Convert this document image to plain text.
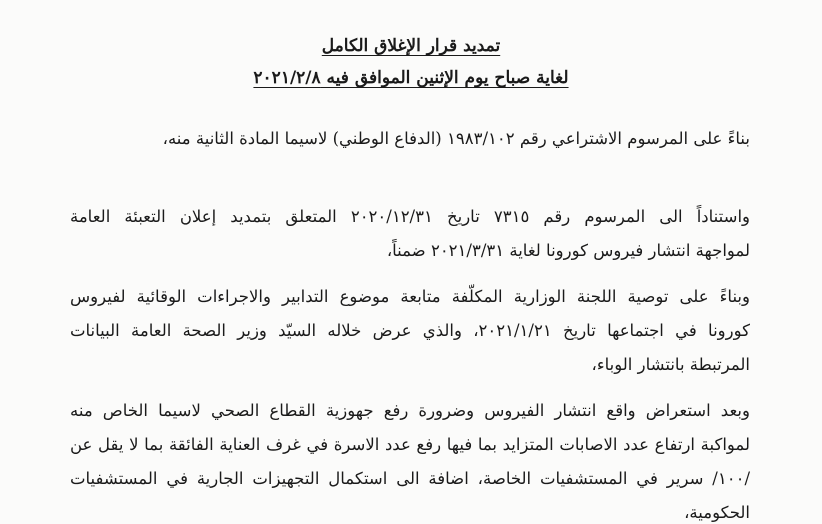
تمديد قرار الإغلاق الكامل
لغاية صباح يوم الإثنين الموافق فيه ٢٠٢١/٢/٨
بناءً على المرسوم الاشتراعي رقم ١٩٨٣/١٠٢ (الدفاع الوطني) لاسيما المادة الثانية منه،
واستناداً الى المرسوم رقم ٧٣١٥ تاريخ ٢٠٢٠/١٢/٣١ المتعلق بتمديد إعلان التعبئة العامة
لمواجهة انتشار فيروس كورونا لغاية ٢٠٢١/٣/٣١ ضمناً،
وبناءً على توصية اللجنة الوزارية المكلّفة متابعة موضوع التدابير والاجراءات الوقائية لفيروس
كورونا في اجتماعها تاريخ ٢٠٢١/١/٢١، والذي عرض خلاله السيّد وزير الصحة العامة البيانات
المرتبطة بانتشار الوباء،
وبعد استعراض واقع انتشار الفيروس وضرورة رفع جهوزية القطاع الصحي لاسيما الخاص منه
لمواكبة ارتفاع عدد الاصابات المتزايد بما فيها رفع عدد الاسرة في غرف العناية الفائقة بما لا يقل عن
/١٠٠/ سرير في المستشفيات الخاصة، اضافة الى استكمال التجهيزات الجارية في المستشفيات
الحكومية،
